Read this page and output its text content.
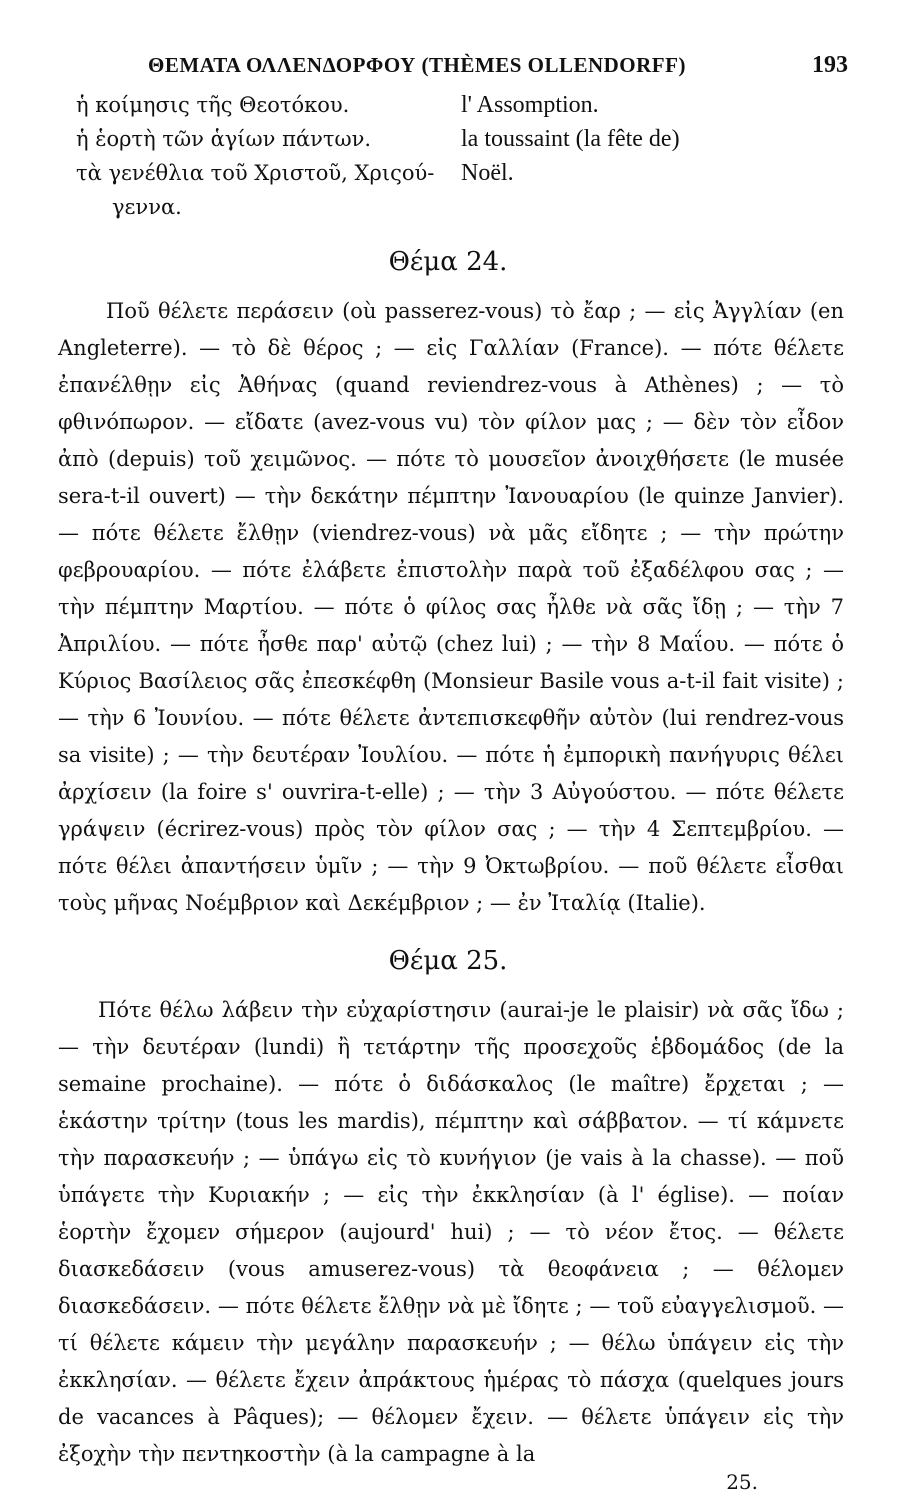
ΘΕΜΑΤΑ ΟΛΛΕΝΔΟΡΦΟΥ (THÈMES OLLENDORFF)	193
ἡ κοίμησις τῆς Θεοτόκου.	l' Assomption.
ἡ ἑορτὴ τῶν ἁγίων πάντων.	la toussaint (la fête de)
τὰ γενέθλια τοῦ Χριστοῦ, Χριςού-	Noël.
γεννα.
Θέμα 24.

Ποῦ θέλετε περάσειν (où passerez-vous) τὸ ἔαρ ; — εἰς Ἀγγλίαν (en Angleterre). — τὸ δὲ θέρος ; — εἰς Γαλλίαν (France). — πότε θέλετε ἐπανέλθῃν εἰς Ἀθήνας (quand reviendrez-vous à Athènes) ; — τὸ φθινόπωρον. — εἴδατε (avez-vous vu) τὸν φίλον μας ; — δὲν τὸν εἶδον ἀπὸ (depuis) τοῦ χειμῶνος. — πότε τὸ μουσεῖον ἀνοιχθήσετε (le musée sera-t-il ouvert) — τὴν δεκάτην πέμπτην Ἰανουαρίου (le quinze Janvier). — πότε θέλετε ἔλθῃν (viendrez-vous) νὰ μᾶς εἴδητε ; — τὴν πρώτην φεβρουαρίου. — πότε ἐλάβετε ἐπιστολὴν παρὰ τοῦ ἐξαδέλφου σας ; — τὴν πέμπτην Μαρτίου. — πότε ὁ φίλος σας ἦλθε νὰ σᾶς ἴδῃ ; — τὴν 7 Ἀπριλίου. — πότε ἦσθε παρ' αὐτῷ (chez lui) ; — τὴν 8 Μαΐου. — πότε ὁ Κύριος Βασίλειος σᾶς ἐπεσκέφθη (Monsieur Basile vous a-t-il fait visite) ; — τὴν 6 Ἰουνίου. — πότε θέλετε ἀντεπισκεφθῆν αὐτὸν (lui rendrez-vous sa visite) ; — τὴν δευτέραν Ἰουλίου. — πότε ἡ ἐμπορικὴ πανήγυρις θέλει ἀρχίσειν (la foire s' ouvrira-t-elle) ; — τὴν 3 Αὐγούστου. — πότε θέλετε γράψειν (écrirez-vous) πρὸς τὸν φίλον σας ; — τὴν 4 Σεπτεμβρίου. — πότε θέλει ἀπαντήσειν ὑμῖν ; — τὴν 9 Ὀκτωβρίου. — ποῦ θέλετε εἶσθαι τοὺς μῆνας Νοέμβριον καὶ Δεκέμβριον ; — ἐν Ἰταλίᾳ (Italie).

Θέμα 25.

Πότε θέλω λάβειν τὴν εὐχαρίστησιν (aurai-je le plaisir) νὰ σᾶς ἴδω ; — τὴν δευτέραν (lundi) ἢ τετάρτην τῆς προσεχοῦς ἑβδομάδος (de la semaine prochaine). — πότε ὁ διδάσκαλος (le maître) ἔρχεται ; — ἑκάστην τρίτην (tous les mardis), πέμπτην καὶ σάββατον. — τί κάμνετε τὴν παρασκευήν ; — ὑπάγω εἰς τὸ κυνήγιον (je vais à la chasse). — ποῦ ὑπάγετε τὴν Κυριακήν ; — εἰς τὴν ἐκκλησίαν (à l' église). — ποίαν ἑορτὴν ἔχομεν σήμερον (aujourd' hui) ; — τὸ νέον ἔτος. — θέλετε διασκεδάσειν (vous amuserez-vous) τὰ θεοφάνεια ; — θέλομεν διασκεδάσειν. — πότε θέλετε ἔλθῃν νὰ μὲ ἴδητε ; — τοῦ εὐαγγελισμοῦ. — τί θέλετε κάμειν τὴν μεγάλην παρασκευήν ; — θέλω ὑπάγειν εἰς τὴν ἐκκλησίαν. — θέλετε ἔχειν ἀπράκτους ἡμέρας τὸ πάσχα (quelques jours de vacances à Pâques); — θέλομεν ἔχειν. — θέλετε ὑπάγειν εἰς τὴν ἐξοχὴν τὴν πεντηκοστὴν (à la campagne à la

25.
